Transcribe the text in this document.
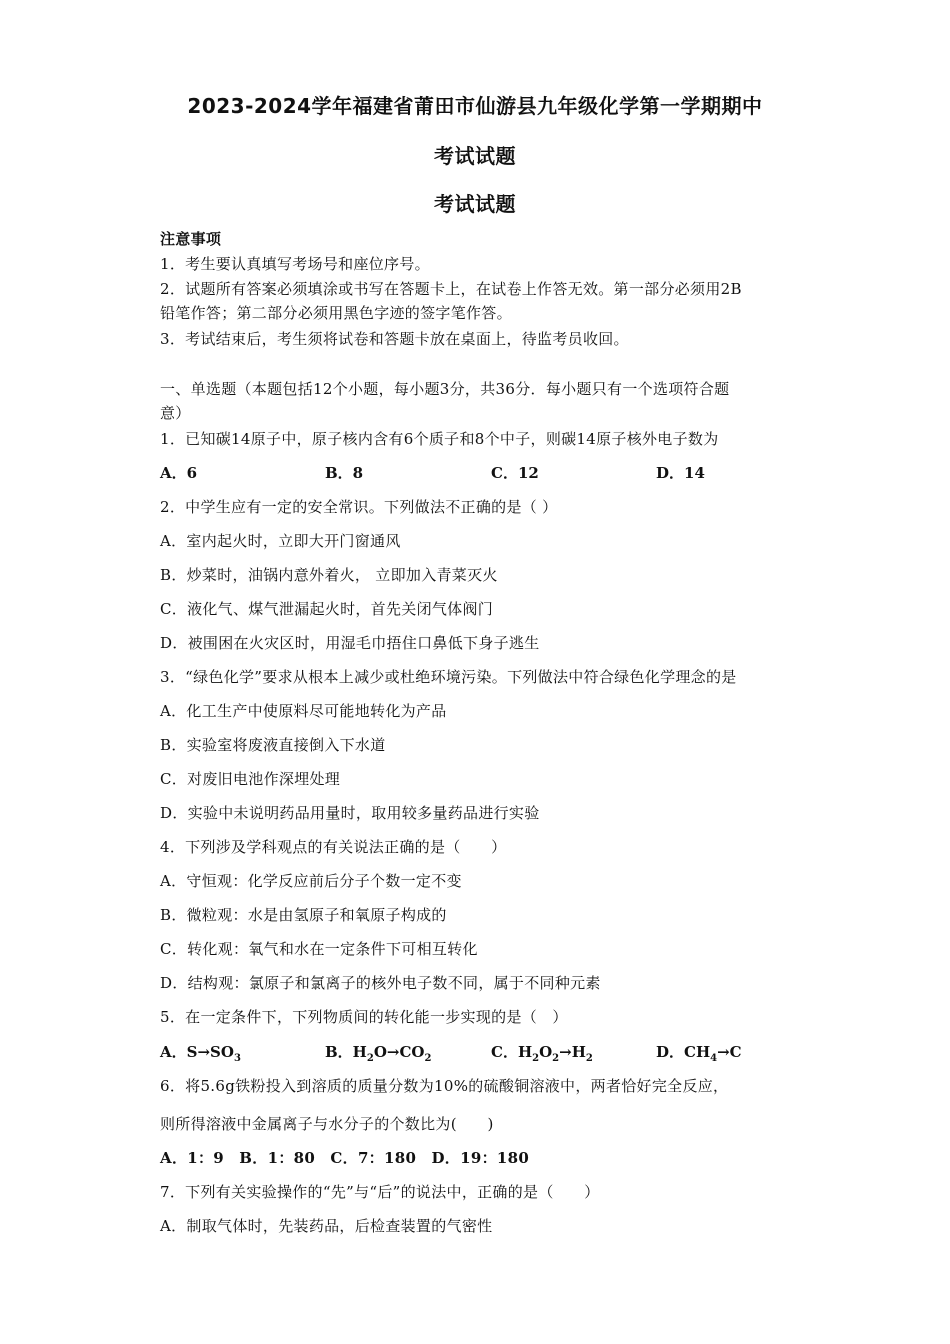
2023-2024学年福建省莆田市仙游县九年级化学第一学期期中
考试试题
考试试题
注意事项
1．考生要认真填写考场号和座位序号。
2．试题所有答案必须填涂或书写在答题卡上，在试卷上作答无效。第一部分必须用2B
铅笔作答；第二部分必须用黑色字迹的签字笔作答。
3．考试结束后，考生须将试卷和答题卡放在桌面上，待监考员收回。
一、单选题（本题包括12个小题，每小题3分，共36分．每小题只有一个选项符合题
意）
1．已知碳14原子中，原子核内含有6个质子和8个中子，则碳14原子核外电子数为
A．6	B．8	C．12	D．14
2．中学生应有一定的安全常识。下列做法不正确的是（ ）
A．室内起火时，立即大开门窗通风
B．炒菜时，油锅内意外着火， 立即加入青菜灭火
C．液化气、煤气泄漏起火时，首先关闭气体阀门
D．被围困在火灾区时，用湿毛巾捂住口鼻低下身子逃生
3．“绿色化学”要求从根本上减少或杜绝环境污染。下列做法中符合绿色化学理念的是
A．化工生产中使原料尽可能地转化为产品
B．实验室将废液直接倒入下水道
C．对废旧电池作深埋处理
D．实验中未说明药品用量时，取用较多量药品进行实验
4．下列涉及学科观点的有关说法正确的是（　　）
A．守恒观：化学反应前后分子个数一定不变
B．微粒观：水是由氢原子和氧原子构成的
C．转化观：氧气和水在一定条件下可相互转化
D．结构观：氯原子和氯离子的核外电子数不同，属于不同种元素
5．在一定条件下，下列物质间的转化能一步实现的是（　）
A．$S\to SO_3$	B．$H_2O\to CO_2$	C．$H_2O_2\to H_2$	D．$CH_4\to C$
6．将5.6g铁粉投入到溶质的质量分数为10%的硫酸铜溶液中，两者恰好完全反应，
则所得溶液中金属离子与水分子的个数比为(　　)
A．1：9　B．1：80　C．7：180　D．19：180
7．下列有关实验操作的“先”与“后”的说法中，正确的是（　　）
A．制取气体时，先装药品，后检查装置的气密性
